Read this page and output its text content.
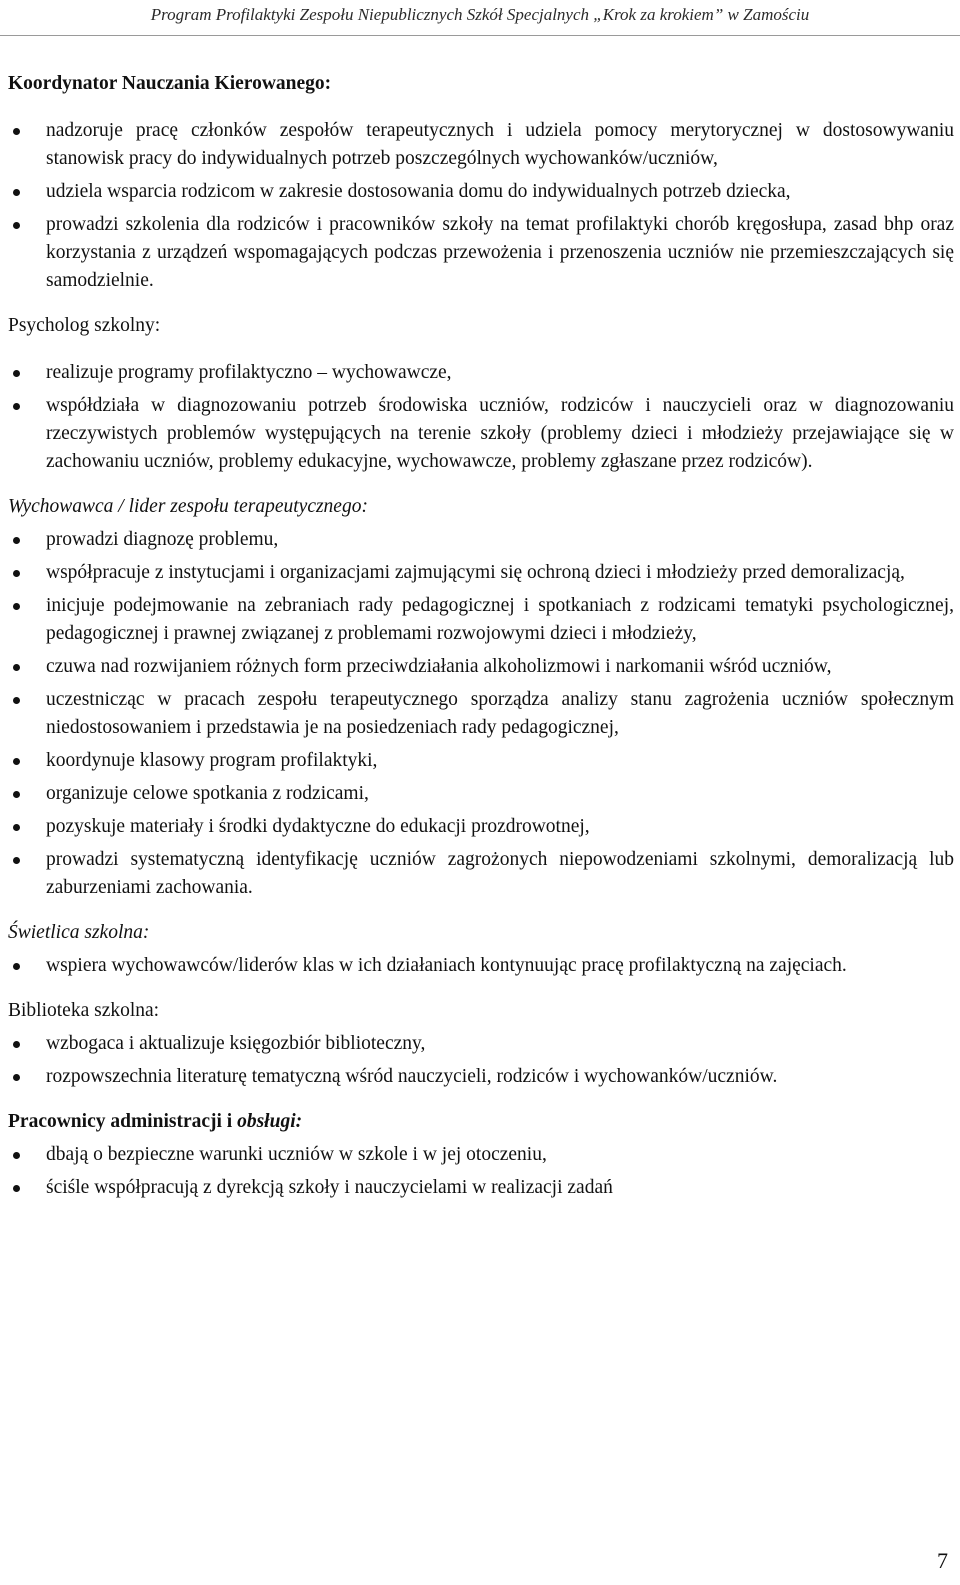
Program Profilaktyki Zespołu Niepublicznych Szkół Specjalnych „Krok za krokiem” w Zamościu
Koordynator Nauczania Kierowanego:
nadzoruje pracę członków zespołów terapeutycznych i udziela pomocy merytorycznej w dostosowywaniu stanowisk pracy do indywidualnych potrzeb poszczególnych wychowanków/uczniów,
udziela wsparcia rodzicom w zakresie dostosowania domu do indywidualnych potrzeb dziecka,
prowadzi szkolenia dla rodziców i pracowników szkoły na temat profilaktyki chorób kręgosłupa, zasad bhp oraz korzystania z urządzeń wspomagających podczas przewożenia i przenoszenia uczniów nie przemieszczających się samodzielnie.
Psycholog szkolny:
realizuje programy profilaktyczno – wychowawcze,
współdziała w diagnozowaniu potrzeb środowiska uczniów, rodziców i nauczycieli oraz w diagnozowaniu rzeczywistych problemów występujących na terenie szkoły (problemy dzieci i młodzieży przejawiające się w zachowaniu uczniów, problemy edukacyjne, wychowawcze, problemy zgłaszane przez rodziców).
Wychowawca / lider zespołu terapeutycznego:
prowadzi diagnozę problemu,
współpracuje z instytucjami i organizacjami zajmującymi się ochroną dzieci i młodzieży przed demoralizacją,
inicjuje podejmowanie na zebraniach rady pedagogicznej i spotkaniach z rodzicami tematyki psychologicznej, pedagogicznej i prawnej związanej z problemami rozwojowymi dzieci i młodzieży,
czuwa nad rozwijaniem różnych form przeciwdziałania alkoholizmowi i narkomanii wśród uczniów,
uczestnicząc w pracach zespołu terapeutycznego sporządza analizy stanu zagrożenia uczniów społecznym niedostosowaniem i przedstawia je na posiedzeniach rady pedagogicznej,
koordynuje klasowy program profilaktyki,
organizuje celowe spotkania z rodzicami,
pozyskuje materiały i środki dydaktyczne do edukacji prozdrowotnej,
prowadzi systematyczną identyfikację uczniów zagrożonych niepowodzeniami szkolnymi, demoralizacją lub zaburzeniami zachowania.
Świetlica szkolna:
wspiera wychowawców/liderów klas w ich działaniach kontynuując pracę profilaktyczną na zajęciach.
Biblioteka szkolna:
wzbogaca i aktualizuje księgozbiór biblioteczny,
rozpowszechnia literaturę tematyczną wśród nauczycieli, rodziców i wychowanków/uczniów.
Pracownicy administracji i obsługi:
dbają o bezpieczne warunki uczniów w szkole i w jej otoczeniu,
ściśle współpracują z dyrekcją szkoły i nauczycielami w realizacji zadań
7
